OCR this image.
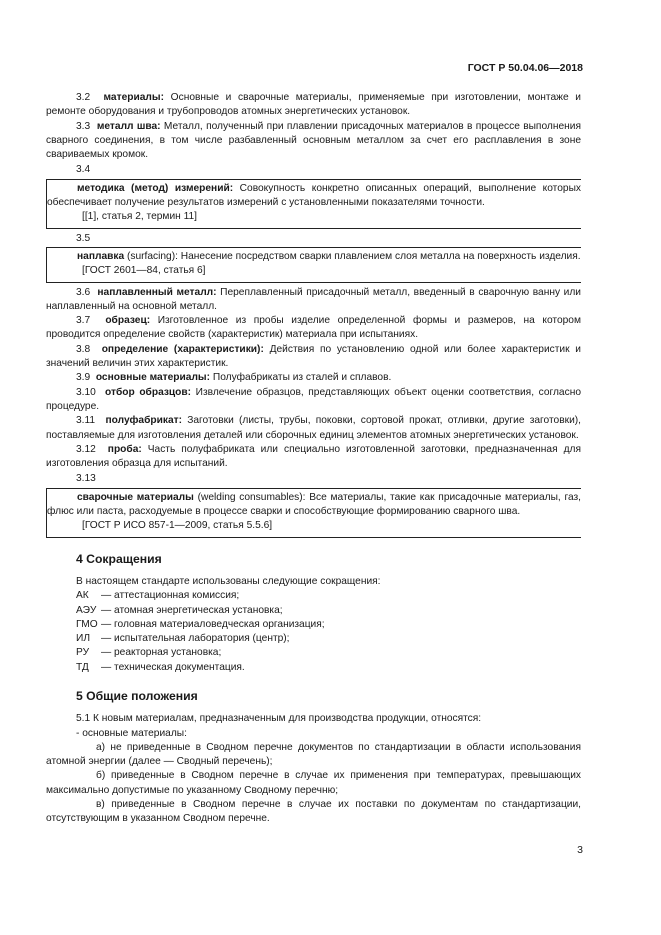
ГОСТ Р 50.04.06—2018

3.2 материалы: Основные и сварочные материалы, применяемые при изготовлении, монтаже и ремонте оборудования и трубопроводов атомных энергетических установок.

3.3 металл шва: Металл, полученный при плавлении присадочных материалов в процессе выполнения сварного соединения, в том числе разбавленный основным металлом за счет его расплавления в зоне свариваемых кромок.

3.4

методика (метод) измерений: Совокупность конкретно описанных операций, выполнение которых обеспечивает получение результатов измерений с установленными показателями точности.

[[1], статья 2, термин 11]
3.5

наплавка (surfacing): Нанесение посредством сварки плавлением слоя металла на поверхность изделия.

[ГОСТ 2601—84, статья 6]

3.6 наплавленный металл: Переплавленный присадочный металл, введенный в сварочную ванну или наплавленный на основной металл.

3.7 образец: Изготовленное из пробы изделие определенной формы и размеров, на котором проводится определение свойств (характеристик) материала при испытаниях.

3.8 определение (характеристики): Действия по установлению одной или более характеристик и значений величин этих характеристик.

3.9 основные материалы: Полуфабрикаты из сталей и сплавов.

3.10 отбор образцов: Извлечение образцов, представляющих объект оценки соответствия, согласно процедуре.

3.11 полуфабрикат: Заготовки (листы, трубы, поковки, сортовой прокат, отливки, другие заготовки), поставляемые для изготовления деталей или сборочных единиц элементов атомных энергетических установок.

3.12 проба: Часть полуфабриката или специально изготовленной заготовки, предназначенная для изготовления образца для испытаний.

3.13

сварочные материалы (welding consumables): Все материалы, такие как присадочные материалы, газ, флюс или паста, расходуемые в процессе сварки и способствующие формированию сварного шва.

[ГОСТ Р ИСО 857-1—2009, статья 5.5.6]
4 Сокращения
В настоящем стандарте использованы следующие сокращения:
АК	— аттестационная комиссия;
АЭУ — атомная энергетическая установка;
ГМО — головная материаловедческая организация;
ИЛ	— испытательная лаборатория (центр);
РУ	— реакторная установка;
ТД	— техническая документация.
5 Общие положения

5.1 К новым материалам, предназначенным для производства продукции, относятся:

- основные материалы:

а) не приведенные в Сводном перечне документов по стандартизации в области использования атомной энергии (далее — Сводный перечень);

б) приведенные в Сводном перечне в случае их применения при температурах, превышающих максимально допустимые по указанному Сводному перечню;

в) приведенные в Сводном перечне в случае их поставки по документам по стандартизации, отсутствующим в указанном Сводном перечне.

3
